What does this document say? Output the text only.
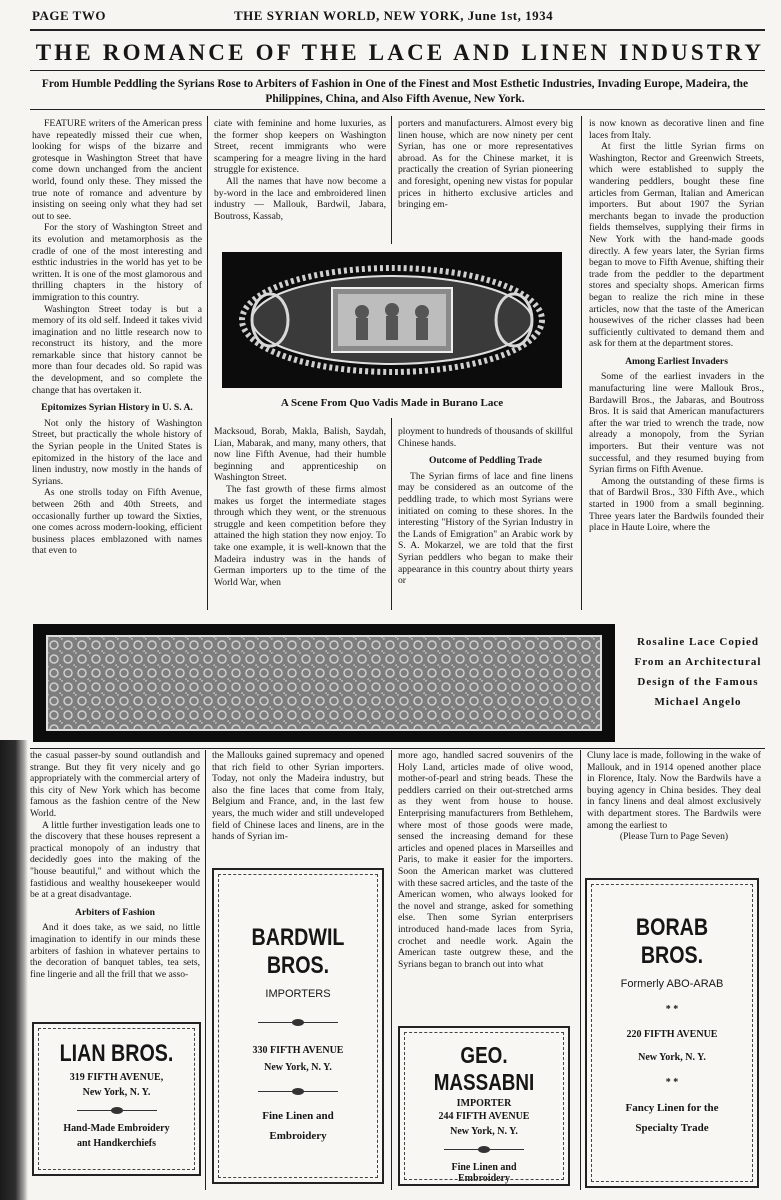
PAGE TWO	THE SYRIAN WORLD, NEW YORK, June 1st, 1934
THE ROMANCE OF THE LACE AND LINEN INDUSTRY
From Humble Peddling the Syrians Rose to Arbiters of Fashion in One of the Finest and Most Esthetic Industries, Invading Europe, Madeira, the Philippines, China, and Also Fifth Avenue, New York.

FEATURE writers of the American press have repeatedly missed their cue when, looking for wisps of the bizarre and grotesque in Washington Street that have come down unchanged from the ancient world, found only these. They missed the true note of romance and adventure by insisting on seeing only what they had set out to see.

For the story of Washington Street and its evolution and metamorphosis as the cradle of one of the most interesting and esthtic industries in the world has yet to be written. It is one of the most glamorous and thrilling chapters in the history of immigration to this country.

Washington Street today is but a memory of its old self. Indeed it takes vivid imagination and no little research now to reconstruct its history, and the more remarkable since that history cannot be more than four decades old. So rapid was the development, and so complete the change that has overtaken it.

Epitomizes Syrian History in U. S. A.

Not only the history of Washington Street, but practically the whole history of the Syrian people in the United States is epitomized in the history of the lace and linen industry, now mostly in the hands of Syrians.

As one strolls today on Fifth Avenue, between 26th and 40th Streets, and occasionally further up toward the Sixties, one comes across modern-looking, efficient business places emblazoned with names that even to

ciate with feminine and home luxuries, as the former shop keepers on Washington Street, recent immigrants who were scampering for a meagre living in the hard struggle for existence.

All the names that have now become a by-word in the lace and embroidered linen industry — Mallouk, Bardwil, Jabara, Boutross, Kassab,

porters and manufacturers. Almost every big linen house, which are now ninety per cent Syrian, has one or more representatives abroad. As for the Chinese market, it is practically the creation of Syrian pioneering and foresight, opening new vistas for popular prices in hitherto exclusive articles and bringing em-

is now known as decorative linen and fine laces from Italy.

At first the little Syrian firms on Washington, Rector and Greenwich Streets, which were established to supply the wandering peddlers, bought these fine articles from German, Italian and American importers. But about 1907 the Syrian merchants began to invade the production fields themselves, supplying their firms in New York with the hand-made goods directly. A few years later, the Syrian firms began to move to Fifth Avenue, shifting their trade from the peddler to the department stores and specialty shops. American firms began to realize the rich mine in these articles, now that the taste of the American housewives of the richer classes had been sufficiently cultivated to demand them and ask for them at the department stores.

Among Earliest Invaders

Some of the earliest invaders in the manufacturing line were Mallouk Bros., Bardawill Bros., the Jabaras, and Boutross Bros. It is said that American manufacturers after the war tried to wrench the trade, now already a monopoly, from the Syrian importers. But their venture was not successful, and they resumed buying from Syrian firms on Fifth Avenue.

Among the outstanding of these firms is that of Bardwil Bros., 330 Fifth Ave., which started in 1900 from a small beginning. Three years later the Bardwils founded their place in Haute Loire, where the

A Scene From Quo Vadis Made in Burano Lace

Macksoud, Borab, Makla, Balish, Saydah, Lian, Mabarak, and many, many others, that now line Fifth Avenue, had their humble beginning and apprenticeship on Washington Street.

The fast growth of these firms almost makes us forget the intermediate stages through which they went, or the strenuous struggle and keen competition before they attained the high station they now enjoy. To take one example, it is well-known that the Madeira industry was in the hands of German importers up to the time of the World War, when

ployment to hundreds of thousands of skillful Chinese hands.

Outcome of Peddling Trade

The Syrian firms of lace and fine linens may be considered as an outcome of the peddling trade, to which most Syrians were initiated on coming to these shores. In the interesting "History of the Syrian Industry in the Lands of Emigration" an Arabic work by S. A. Mokarzel, we are told that the first Syrian peddlers who began to make their appearance in this country about thirty years or

Rosaline Lace Copied From an Architectural Design of the Famous Michael Angelo

the casual passer-by sound outlandish and strange. But they fit very nicely and go appropriately with the commercial artery of this city of New York which has become famous as the fashion centre of the New World.

A little further investigation leads one to the discovery that these houses represent a practical monopoly of an industry that decidedly goes into the making of the "house beautiful," and without which the fastidious and wealthy housekeeper would be at a great disadvantage.

Arbiters of Fashion

And it does take, as we said, no little imagination to identify in our minds these arbiters of fashion in whatever pertains to the decoration of banquet tables, tea sets, fine lingerie and all the frill that we asso-

the Mallouks gained supremacy and opened that rich field to other Syrian importers. Today, not only the Madeira industry, but also the fine laces that come from Italy, Belgium and France, and, in the last few years, the much wider and still undeveloped field of Chinese laces and linens, are in the hands of Syrian im-

more ago, handled sacred souvenirs of the Holy Land, articles made of olive wood, mother-of-pearl and string beads. These the peddlers carried on their out-stretched arms as they went from house to house. Enterprising manufacturers from Bethlehem, where most of those goods were made, sensed the increasing demand for these articles and opened places in Marseilles and Paris, to make it easier for the importers. Soon the American market was cluttered with these sacred articles, and the taste of the American women, who always looked for the novel and strange, asked for something else. Then some Syrian enterprisers introduced hand-made laces from Syria, crochet and needle work. Again the American taste outgrew these, and the Syrians began to branch out into what

Cluny lace is made, following in the wake of Mallouk, and in 1914 opened another place in Florence, Italy. Now the Bardwils have a buying agency in China besides. They deal in fancy linens and deal almost exclusively with department stores. The Bardwils were among the earliest to

(Please Turn to Page Seven)

LIAN BROS.
319 FIFTH AVENUE,
New York, N. Y.
Hand-Made Embroidery
ant Handkerchiefs
BARDWIL BROS.
IMPORTERS
330 FIFTH AVENUE
New York, N. Y.
Fine Linen and
Embroidery
GEO. MASSABNI
IMPORTER
244 FIFTH AVENUE
New York, N. Y.
Fine Linen and
Embroidery
BORAB BROS.
Formerly ABO-ARAB
* *
220 FIFTH AVENUE
New York, N. Y.
* *
Fancy Linen for the
Specialty Trade
